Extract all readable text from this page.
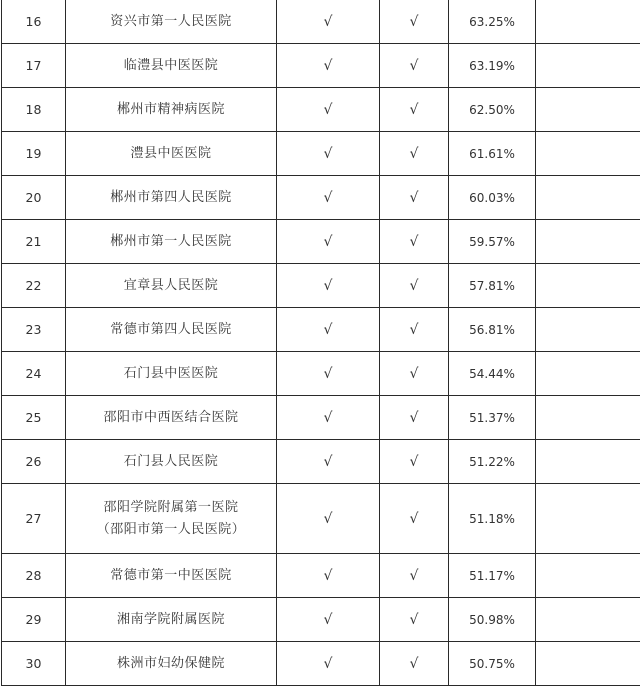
16	资兴市第一人民医院	√	√	63.25%	
17	临澧县中医医院	√	√	63.19%	
18	郴州市精神病医院	√	√	62.50%	
19	澧县中医医院	√	√	61.61%	
20	郴州市第四人民医院	√	√	60.03%	
21	郴州市第一人民医院	√	√	59.57%	
22	宜章县人民医院	√	√	57.81%	
23	常德市第四人民医院	√	√	56.81%	
24	石门县中医医院	√	√	54.44%	
25	邵阳市中西医结合医院	√	√	51.37%	
26	石门县人民医院	√	√	51.22%	
27	邵阳学院附属第一医院
（邵阳市第一人民医院）	√	√	51.18%	
28	常德市第一中医医院	√	√	51.17%	
29	湘南学院附属医院	√	√	50.98%	
30	株洲市妇幼保健院	√	√	50.75%	
